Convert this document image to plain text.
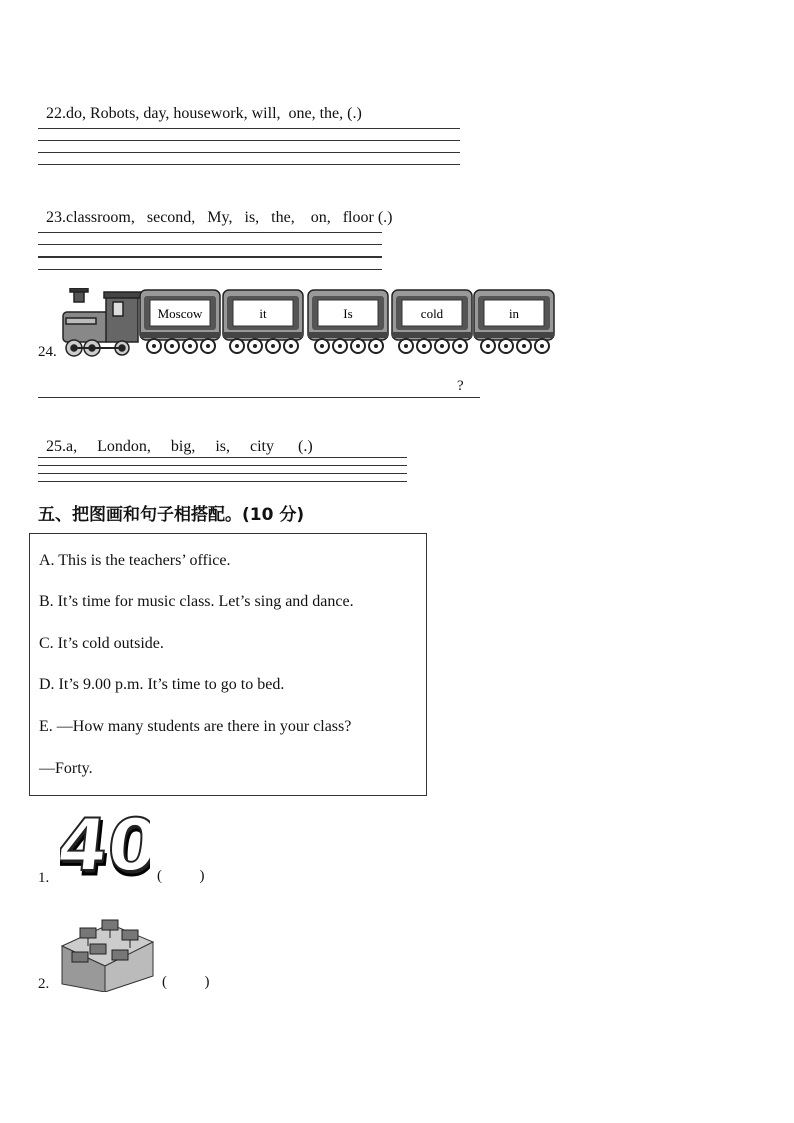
22.do, Robots, day, housework, will,  one, the, (.)

23.classroom,   second,   My,   is,   the,    on,   floor (.)

24.
Moscow	it	Is	cold	in
?

25.a,     London,     big,     is,     city      (.)

五、把图画和句子相搭配。(10 分)

A. This is the teachers’ office.

B. It’s time for music class. Let’s sing and dance.

C. It’s cold outside.

D. It’s 9.00 p.m. It’s time to go to bed.

E. —How many students are there in your class?

—Forty.

1. 40
40
(          )
2.	(          )
